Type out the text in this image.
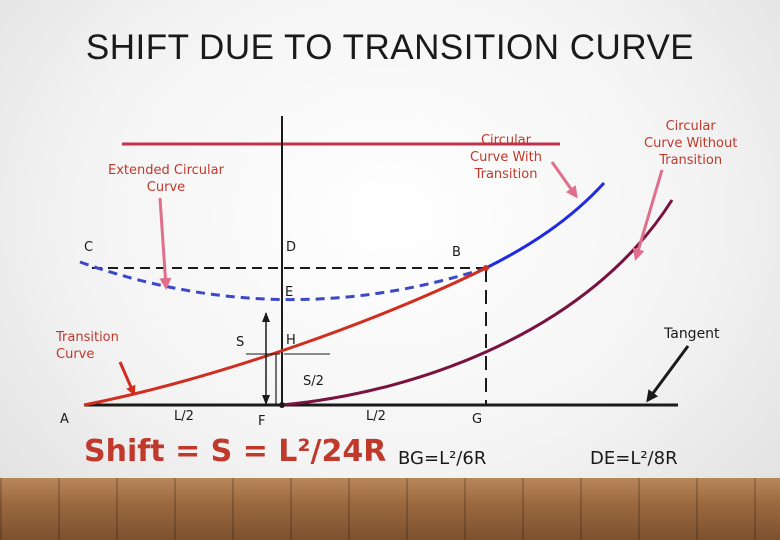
SHIFT DUE TO TRANSITION CURVE
Extended Circular
Curve
Circular
Curve With
Transition
Circular
Curve Without
Transition
Transition
Curve
Tangent
C	D	B
E
S	H
A	F	G
S/2
L/2	L/2
Shift = S = L²/24R BG=L²/6R	DE=L²/8R
